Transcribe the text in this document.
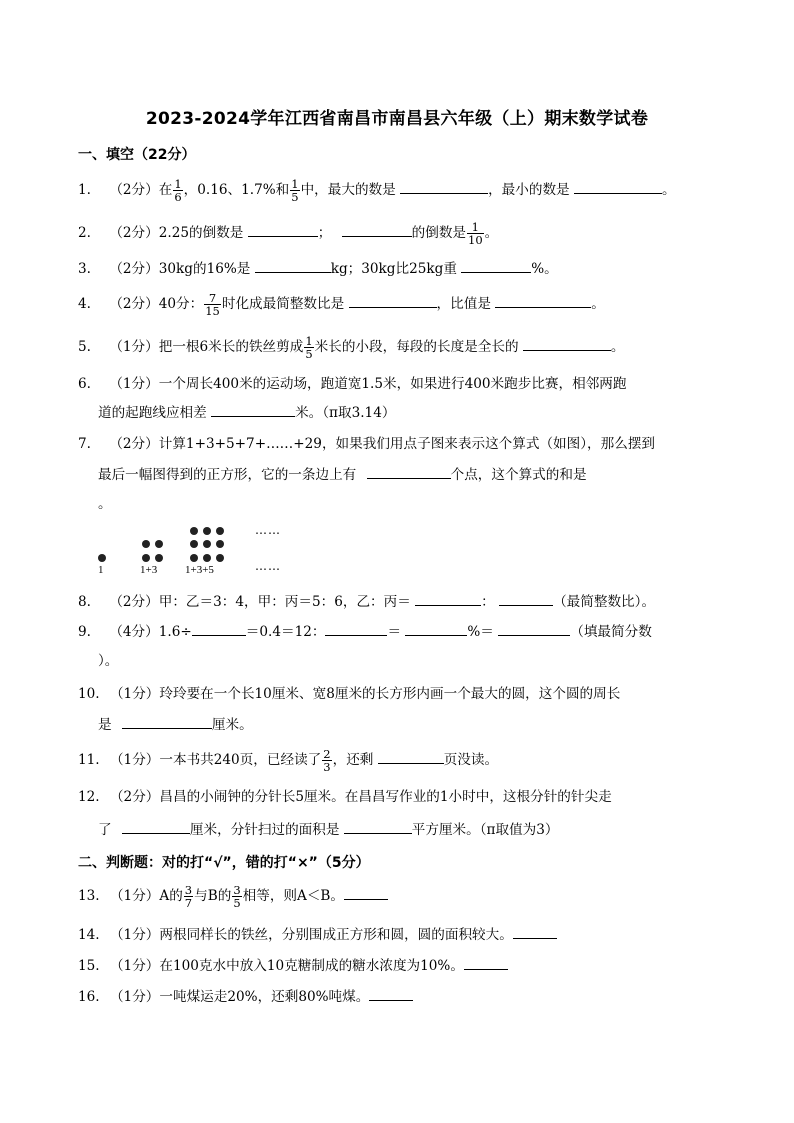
2023-2024学年江西省南昌市南昌县六年级（上）期末数学试卷
一、填空（22分）
1. （2分）在 $\frac{1}{6}$ ，0.16、1.7%和 $\frac{1}{5}$ 中，最大的数是	，最小的数是	。
2. （2分）2.25的倒数是	；	的倒数是 $\frac{1}{10}$ 。
3. （2分）30kg的16%是	kg；30kg比25kg重	%。
4. （2分）40分： $\frac{7}{15}$ 时化成最简整数比是	，比值是	。
5. （1分）把一根6米长的铁丝剪成 $\frac{1}{5}$ 米长的小段，每段的长度是全长的	。
6. （1分）一个周长400米的运动场，跑道宽1.5米，如果进行400米跑步比赛，相邻两跑
道的起跑线应相差	米。（π取3.14）
7. （2分）计算1+3+5+7+……+29，如果我们用点子图来表示这个算式（如图），那么摆到
最后一幅图得到的正方形，它的一条边上有	个点，这个算式的和是
。
……
……
1	1+3	1+3+5
8. （2分）甲：乙＝3：4，甲：丙＝5：6，乙：丙＝	：	（最简整数比）。
9. （4分）1.6÷	＝0.4＝12：	＝	%＝	（填最简分数
）。
10. （1分）玲玲要在一个长10厘米、宽8厘米的长方形内画一个最大的圆，这个圆的周长
是	厘米。
11. （1分）一本书共240页，已经读了 $\frac{2}{3}$ ，还剩	页没读。
12. （2分）昌昌的小闹钟的分针长5厘米。在昌昌写作业的1小时中，这根分针的针尖走
了	厘米，分针扫过的面积是	平方厘米。（π取值为3）
二、判断题：对的打“√”，错的打“×”（5分）
13. （1分）A的 $\frac{3}{7}$ 与B的 $\frac{3}{5}$ 相等，则A＜B。
14. （1分）两根同样长的铁丝，分别围成正方形和圆，圆的面积较大。
15. （1分）在100克水中放入10克糖制成的糖水浓度为10%。
16. （1分）一吨煤运走20%，还剩80%吨煤。
